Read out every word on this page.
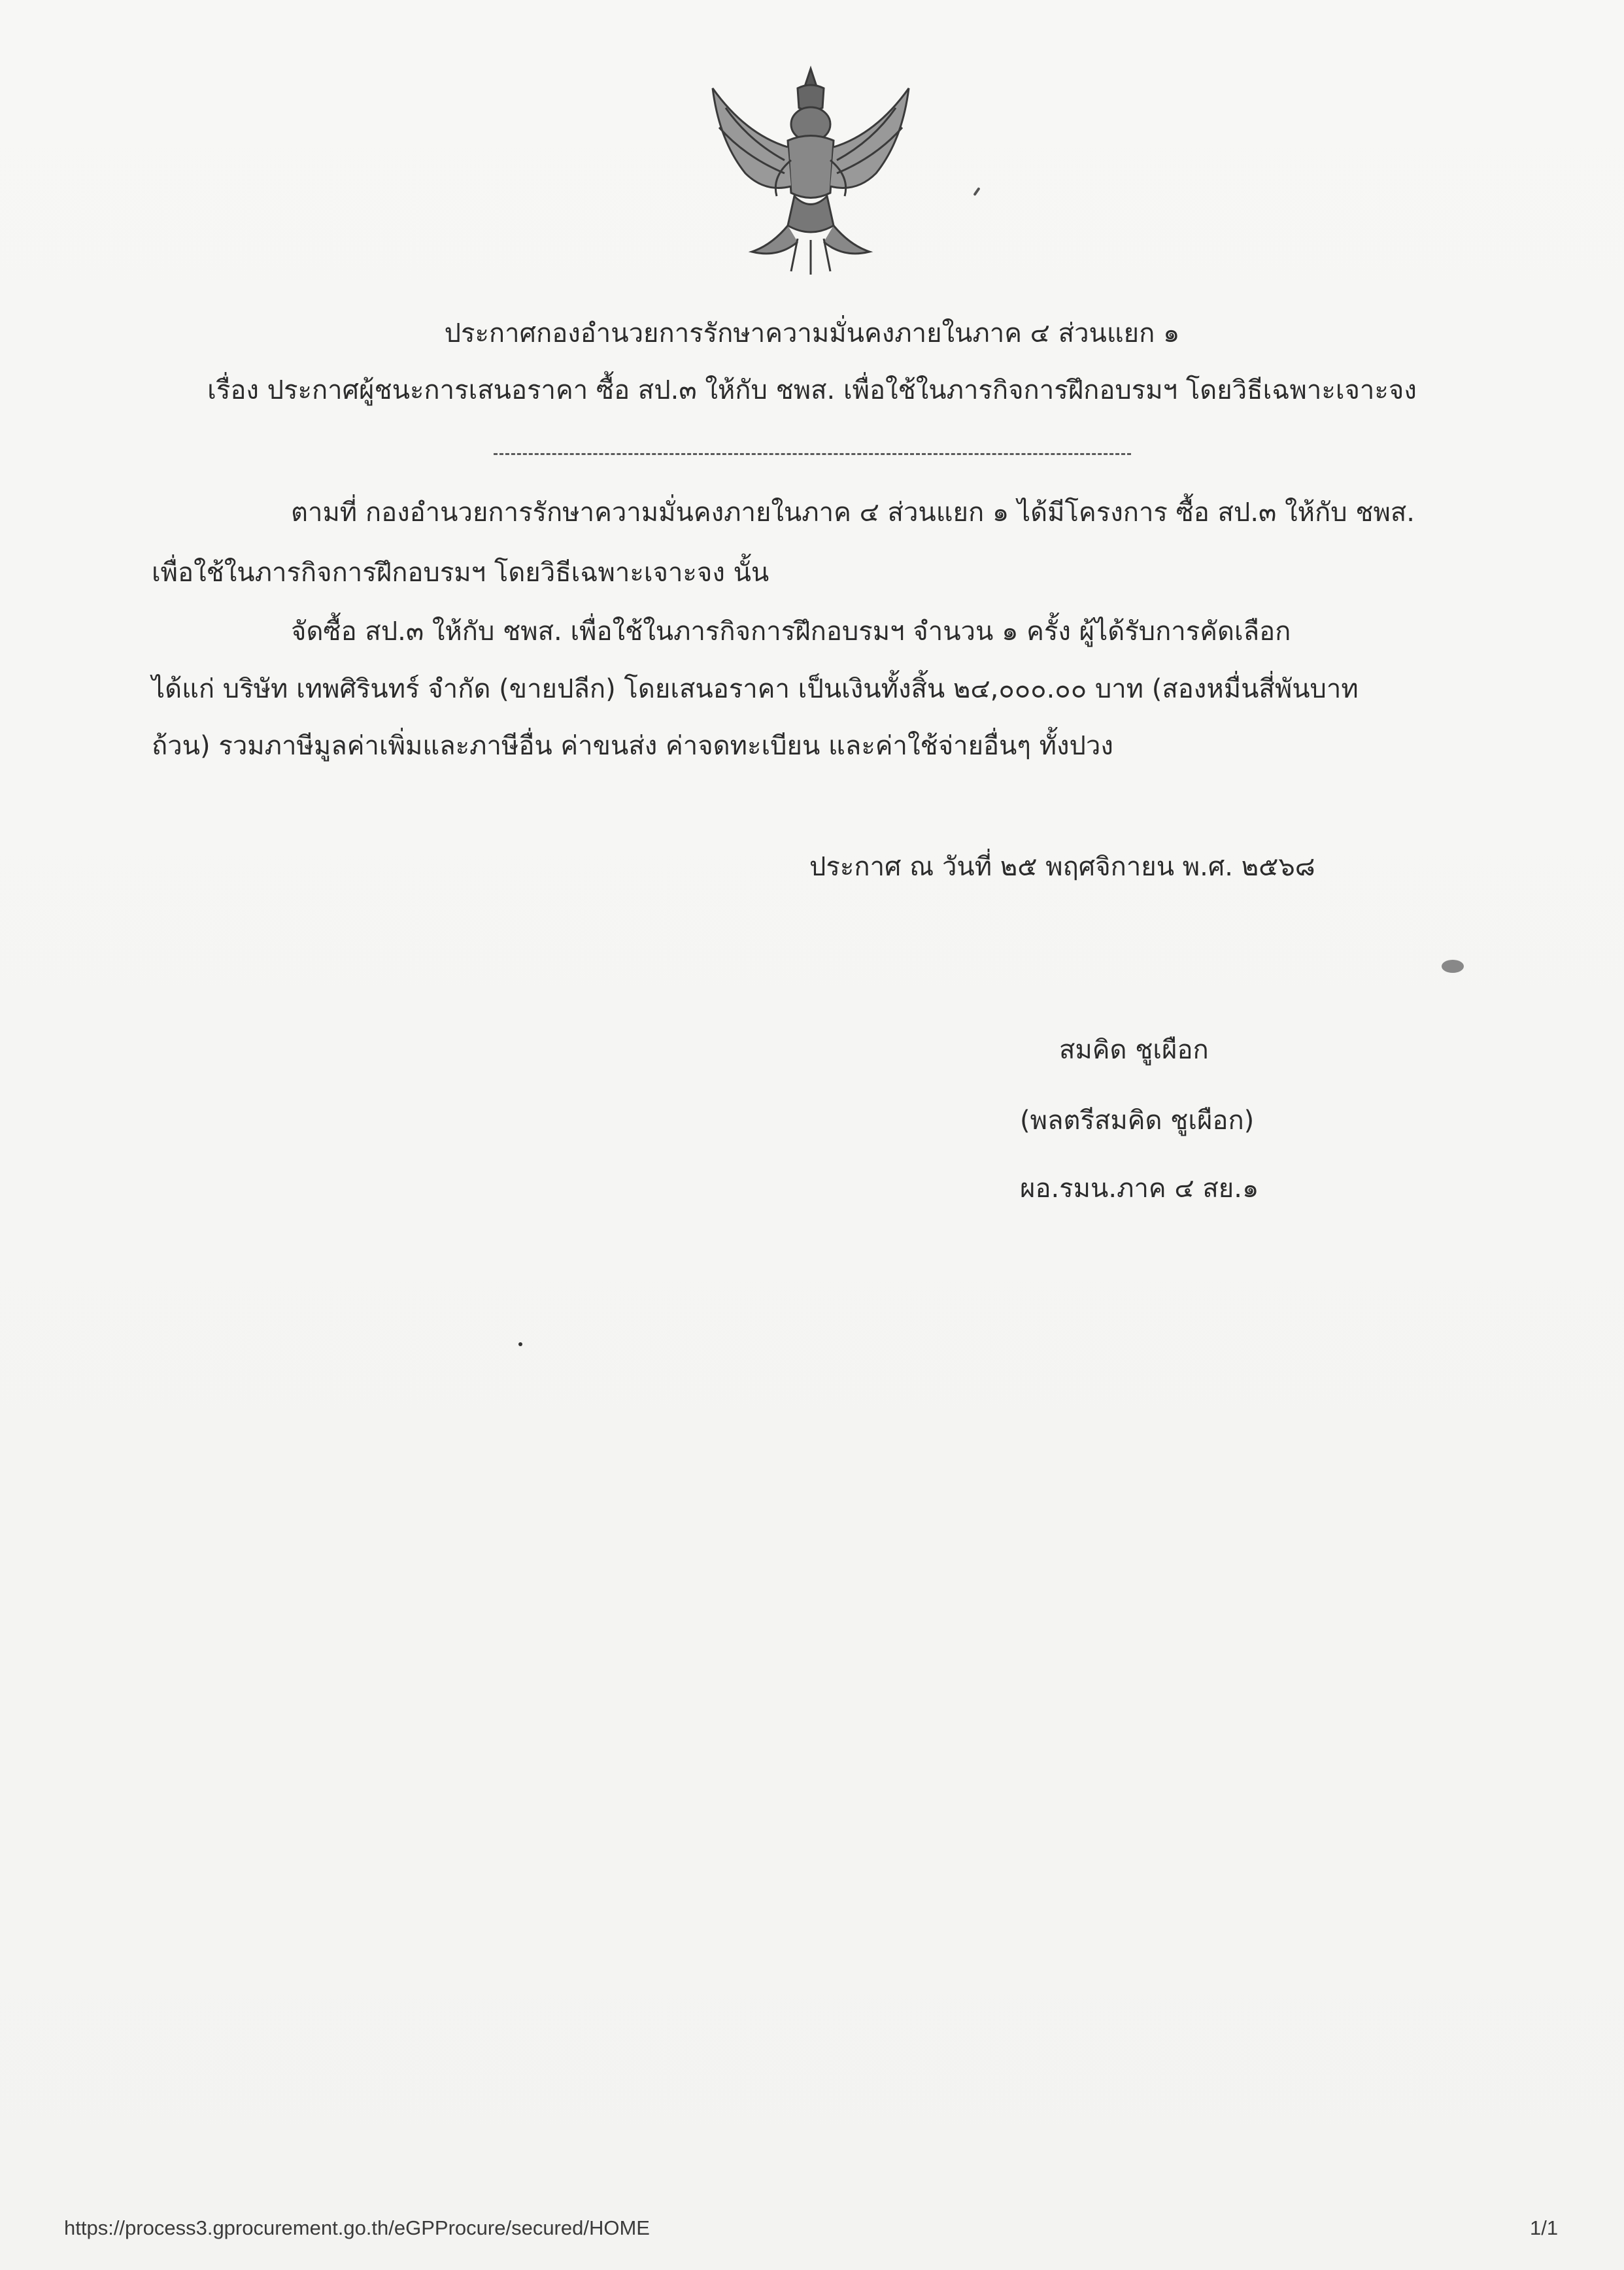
ประกาศกองอำนวยการรักษาความมั่นคงภายในภาค ๔ ส่วนแยก ๑
เรื่อง ประกาศผู้ชนะการเสนอราคา ซื้อ สป.๓ ให้กับ ชพส. เพื่อใช้ในภารกิจการฝึกอบรมฯ โดยวิธีเฉพาะเจาะจง
ตามที่ กองอำนวยการรักษาความมั่นคงภายในภาค ๔ ส่วนแยก ๑ ได้มีโครงการ ซื้อ สป.๓ ให้กับ ชพส.
เพื่อใช้ในภารกิจการฝึกอบรมฯ โดยวิธีเฉพาะเจาะจง นั้น
จัดซื้อ สป.๓ ให้กับ ชพส. เพื่อใช้ในภารกิจการฝึกอบรมฯ จำนวน ๑ ครั้ง ผู้ได้รับการคัดเลือก
ได้แก่ บริษัท เทพศิรินทร์ จำกัด (ขายปลีก) โดยเสนอราคา เป็นเงินทั้งสิ้น ๒๔,๐๐๐.๐๐ บาท (สองหมื่นสี่พันบาท
ถ้วน) รวมภาษีมูลค่าเพิ่มและภาษีอื่น ค่าขนส่ง ค่าจดทะเบียน และค่าใช้จ่ายอื่นๆ ทั้งปวง
ประกาศ ณ วันที่ ๒๕ พฤศจิกายน พ.ศ. ๒๕๖๘
สมคิด ชูเผือก
(พลตรีสมคิด ชูเผือก)
ผอ.รมน.ภาค ๔ สย.๑
https://process3.gprocurement.go.th/eGPProcure/secured/HOME	1/1
